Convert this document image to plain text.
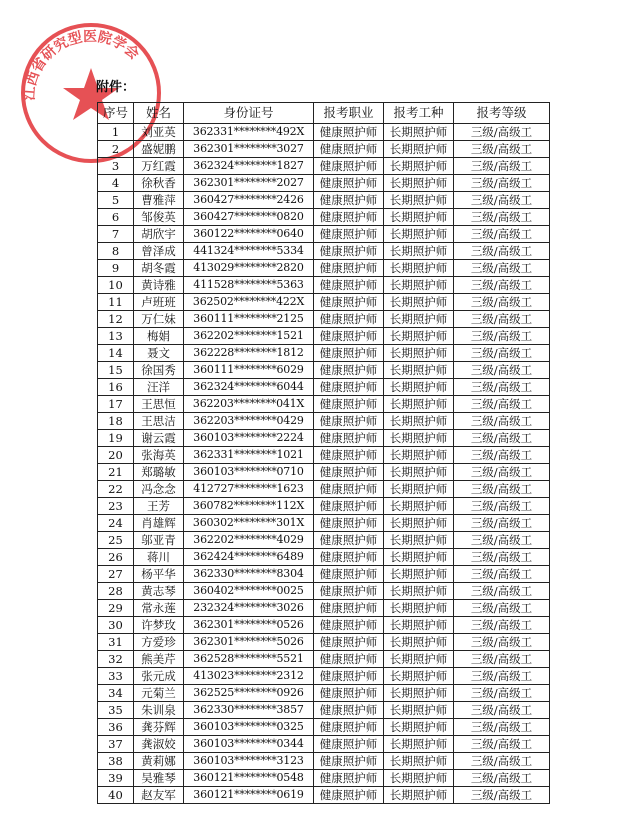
江西省研究型医院学会
附件：
序号	姓名	身份证号	报考职业	报考工种	报考等级
1	刘亚英	362331********492X	健康照护师	长期照护师	三级/高级工
2	盛妮鹏	362301********3027	健康照护师	长期照护师	三级/高级工
3	万红霞	362324********1827	健康照护师	长期照护师	三级/高级工
4	徐秋香	362301********2027	健康照护师	长期照护师	三级/高级工
5	曹雅萍	360427********2426	健康照护师	长期照护师	三级/高级工
6	邹俊英	360427********0820	健康照护师	长期照护师	三级/高级工
7	胡欣宇	360122********0640	健康照护师	长期照护师	三级/高级工
8	曾泽成	441324********5334	健康照护师	长期照护师	三级/高级工
9	胡冬霞	413029********2820	健康照护师	长期照护师	三级/高级工
10	黄诗雅	411528********5363	健康照护师	长期照护师	三级/高级工
11	卢班班	362502********422X	健康照护师	长期照护师	三级/高级工
12	万仁妹	360111********2125	健康照护师	长期照护师	三级/高级工
13	梅娟	362202********1521	健康照护师	长期照护师	三级/高级工
14	聂文	362228********1812	健康照护师	长期照护师	三级/高级工
15	徐国秀	360111********6029	健康照护师	长期照护师	三级/高级工
16	汪洋	362324********6044	健康照护师	长期照护师	三级/高级工
17	王思恒	362203********041X	健康照护师	长期照护师	三级/高级工
18	王思洁	362203********0429	健康照护师	长期照护师	三级/高级工
19	谢云霞	360103********2224	健康照护师	长期照护师	三级/高级工
20	张海英	362331********1021	健康照护师	长期照护师	三级/高级工
21	郑璐敏	360103********0710	健康照护师	长期照护师	三级/高级工
22	冯念念	412727********1623	健康照护师	长期照护师	三级/高级工
23	王芳	360782********112X	健康照护师	长期照护师	三级/高级工
24	肖雄辉	360302********301X	健康照护师	长期照护师	三级/高级工
25	邬亚青	362202********4029	健康照护师	长期照护师	三级/高级工
26	蒋川	362424********6489	健康照护师	长期照护师	三级/高级工
27	杨平华	362330********8304	健康照护师	长期照护师	三级/高级工
28	黄志琴	360402********0025	健康照护师	长期照护师	三级/高级工
29	常永莲	232324********3026	健康照护师	长期照护师	三级/高级工
30	许梦玫	362301********0526	健康照护师	长期照护师	三级/高级工
31	方爱珍	362301********5026	健康照护师	长期照护师	三级/高级工
32	熊美芹	362528********5521	健康照护师	长期照护师	三级/高级工
33	张元成	413023********2312	健康照护师	长期照护师	三级/高级工
34	元菊兰	362525********0926	健康照护师	长期照护师	三级/高级工
35	朱训泉	362330********3857	健康照护师	长期照护师	三级/高级工
36	龚芬辉	360103********0325	健康照护师	长期照护师	三级/高级工
37	龚淑姣	360103********0344	健康照护师	长期照护师	三级/高级工
38	黄莉娜	360103********3123	健康照护师	长期照护师	三级/高级工
39	吴雅琴	360121********0548	健康照护师	长期照护师	三级/高级工
40	赵友军	360121********0619	健康照护师	长期照护师	三级/高级工
